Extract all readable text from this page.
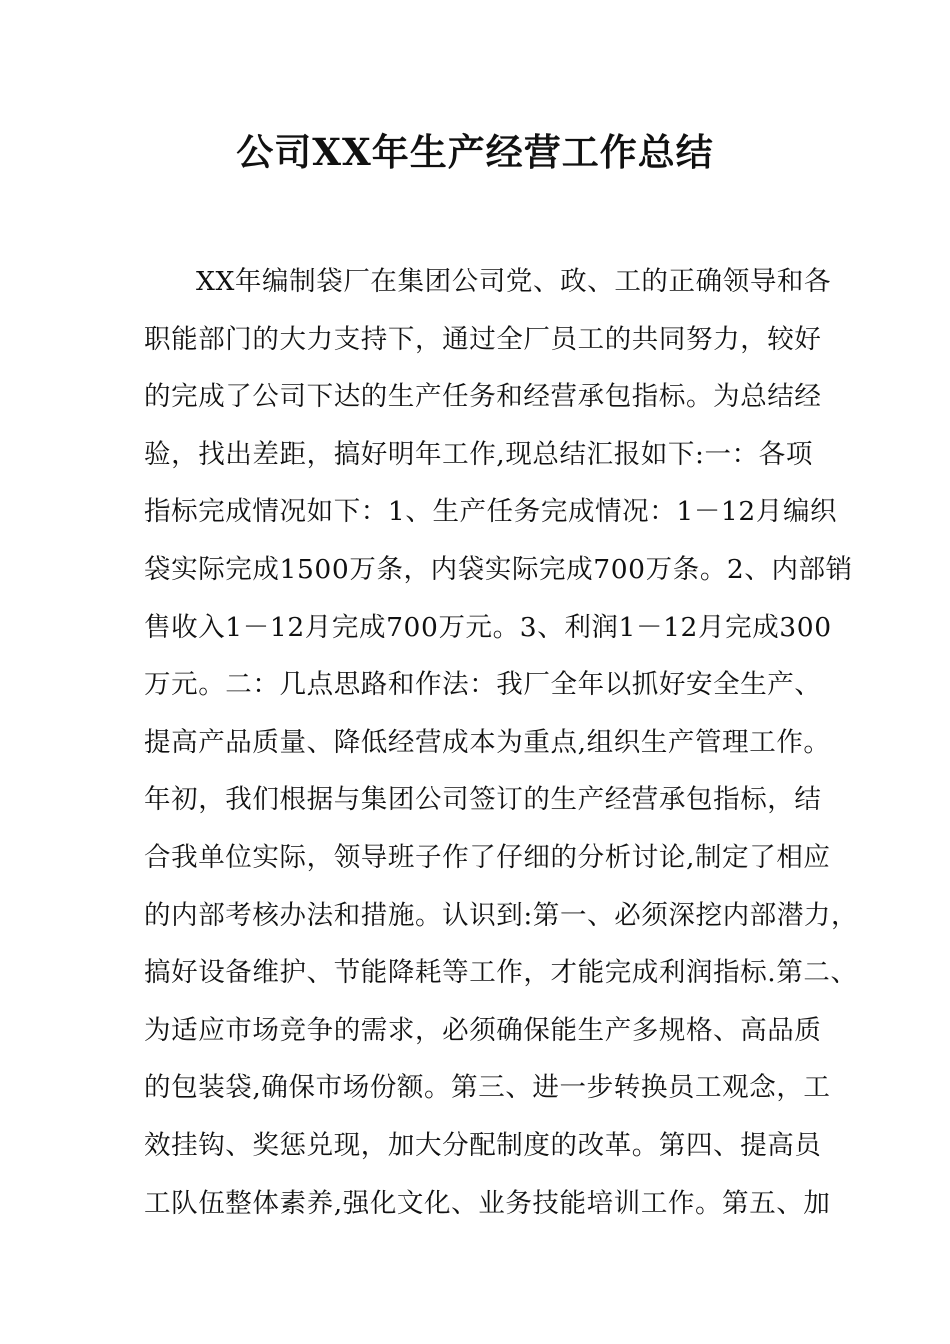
公司XX年生产经营工作总结
XX年编制袋厂在集团公司党、政、工的正确领导和各
职能部门的大力支持下，通过全厂员工的共同努力，较好
的完成了公司下达的生产任务和经营承包指标。为总结经
验，找出差距，搞好明年工作,现总结汇报如下:一：各项
指标完成情况如下：1、生产任务完成情况：1－12月编织
袋实际完成1500万条，内袋实际完成700万条。2、内部销
售收入1－12月完成700万元。3、利润1－12月完成300
万元。二：几点思路和作法：我厂全年以抓好安全生产、
提高产品质量、降低经营成本为重点,组织生产管理工作。
年初，我们根据与集团公司签订的生产经营承包指标，结
合我单位实际，领导班子作了仔细的分析讨论,制定了相应
的内部考核办法和措施。认识到:第一、必须深挖内部潜力，
搞好设备维护、节能降耗等工作，才能完成利润指标.第二、
为适应市场竞争的需求，必须确保能生产多规格、高品质
的包装袋,确保市场份额。第三、进一步转换员工观念，工
效挂钩、奖惩兑现，加大分配制度的改革。第四、提高员
工队伍整体素养,强化文化、业务技能培训工作。第五、加
